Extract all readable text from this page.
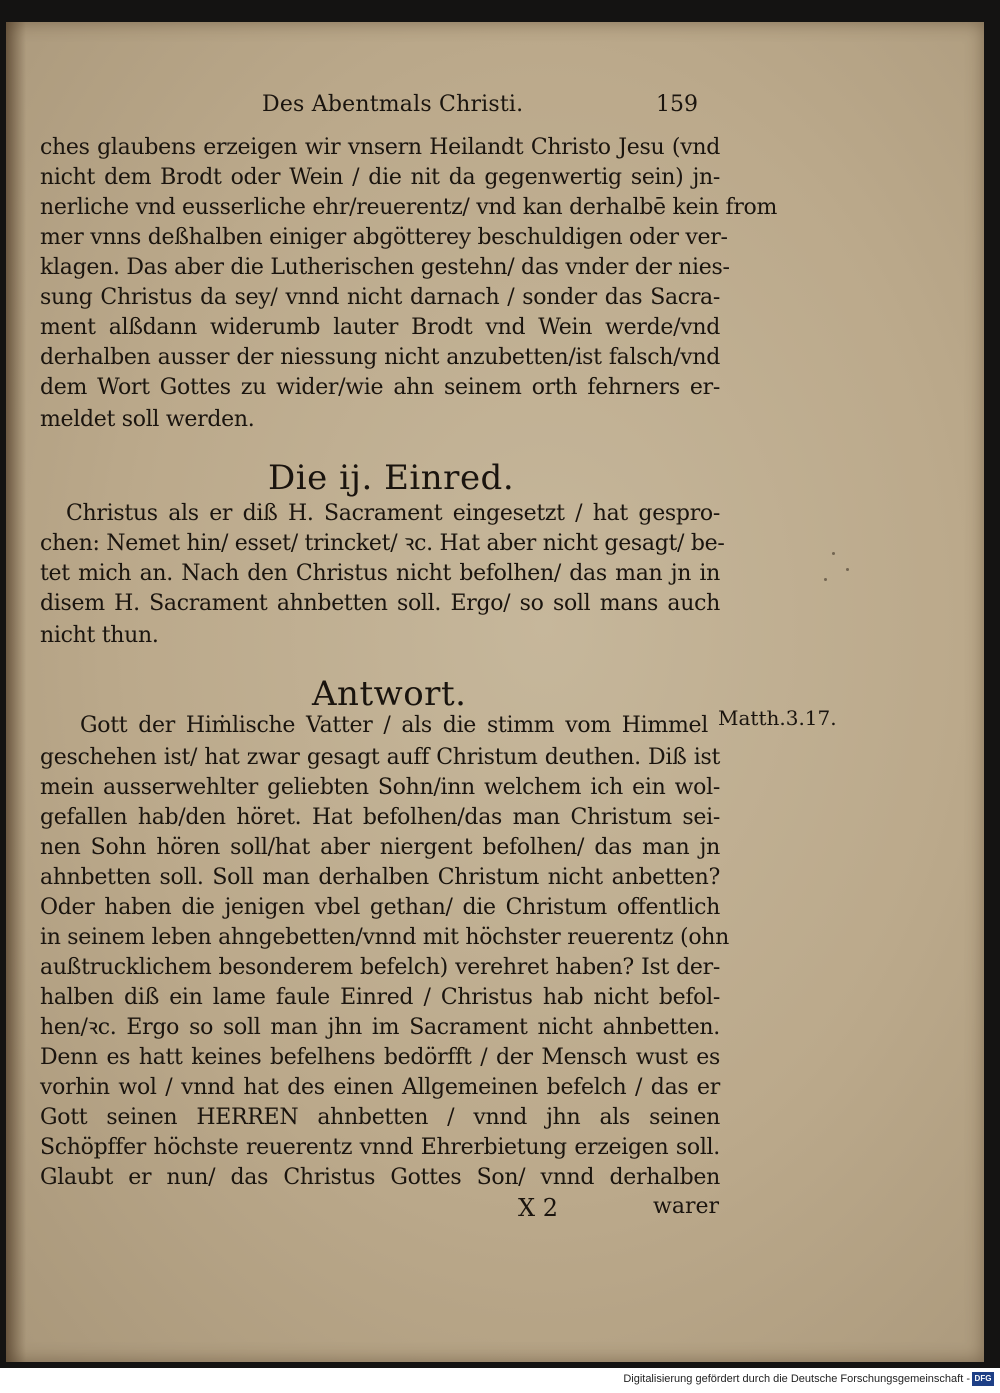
Des Abentmals Christi.	159
ches glaubens erzeigen wir vnsern Heilandt Christo Jesu (vnd
nicht dem Brodt oder Wein / die nit da gegenwertig sein) jn-
nerliche vnd eusserliche ehr/reuerentz/ vnd kan derhalbē kein from
mer vnns deßhalben einiger abgötterey beschuldigen oder ver-
klagen. Das aber die Lutherischen gestehn/ das vnder der nies-
sung Christus da sey/ vnnd nicht darnach / sonder das Sacra-
ment alßdann widerumb lauter Brodt vnd Wein werde/vnd
derhalben ausser der niessung nicht anzubetten/ist falsch/vnd
dem Wort Gottes zu wider/wie ahn seinem orth fehrners er-
meldet soll werden.
Die ij. Einred.
Christus als er diß H. Sacrament eingesetzt / hat gespro-
chen: Nemet hin/ esset/ trincket/ ꝛc. Hat aber nicht gesagt/ be-
tet mich an. Nach den Christus nicht befolhen/ das man jn in
disem H. Sacrament ahnbetten soll. Ergo/ so soll mans auch
nicht thun.
Antwort.
Matth.3.17.
Gott der Hiṁlische Vatter / als die stimm vom Himmel
geschehen ist/ hat zwar gesagt auff Christum deuthen. Diß ist
mein ausserwehlter geliebten Sohn/inn welchem ich ein wol-
gefallen hab/den höret. Hat befolhen/das man Christum sei-
nen Sohn hören soll/hat aber niergent befolhen/ das man jn
ahnbetten soll. Soll man derhalben Christum nicht anbetten?
Oder haben die jenigen vbel gethan/ die Christum offentlich
in seinem leben ahngebetten/vnnd mit höchster reuerentz (ohn
außtrucklichem besonderem befelch) verehret haben? Ist der-
halben diß ein lame faule Einred / Christus hab nicht befol-
hen/ꝛc. Ergo so soll man jhn im Sacrament nicht ahnbetten.
Denn es hatt keines befelhens bedörfft / der Mensch wust es
vorhin wol / vnnd hat des einen Allgemeinen befelch / das er
Gott seinen HERREN ahnbetten / vnnd jhn als seinen
Schöpffer höchste reuerentz vnnd Ehrerbietung erzeigen soll.
Glaubt er nun/ das Christus Gottes Son/ vnnd derhalben
X 2	warer
Digitalisierung gefördert durch die Deutsche Forschungsgemeinschaft - DFG
